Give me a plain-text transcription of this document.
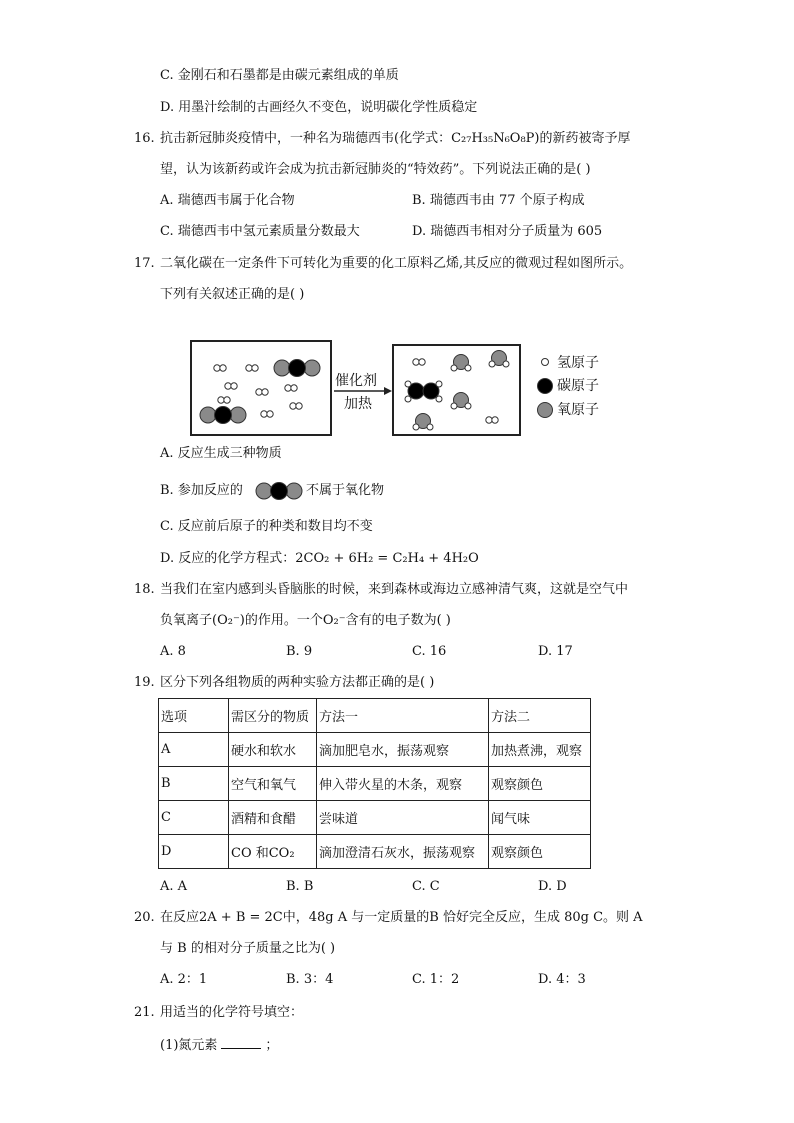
C. 金刚石和石墨都是由碳元素组成的单质
D. 用墨汁绘制的古画经久不变色，说明碳化学性质稳定
16. 抗击新冠肺炎疫情中，一种名为瑞德西韦(化学式：C₂₇H₃₅N₆O₈P)的新药被寄予厚
望，认为该新药或许会成为抗击新冠肺炎的“特效药”。下列说法正确的是( )
A. 瑞德西韦属于化合物	B. 瑞德西韦由 77 个原子构成
C. 瑞德西韦中氢元素质量分数最大	D. 瑞德西韦相对分子质量为 605
17. 二氧化碳在一定条件下可转化为重要的化工原料乙烯,其反应的微观过程如图所示。
下列有关叙述正确的是( )
催化剂
加热
氢原子
碳原子
氧原子
A. 反应生成三种物质
B. 参加反应的	不属于氧化物
C. 反应前后原子的种类和数目均不变
D. 反应的化学方程式：2CO₂ + 6H₂ = C₂H₄ + 4H₂O
18. 当我们在室内感到头昏脑胀的时候，来到森林或海边立感神清气爽，这就是空气中
负氧离子(O₂⁻)的作用。一个O₂⁻含有的电子数为( )
A. 8	B. 9	C. 16	D. 17
19. 区分下列各组物质的两种实验方法都正确的是( )
选项	需区分的物质	方法一	方法二
A	硬水和软水	滴加肥皂水，振荡观察	加热煮沸，观察
B	空气和氧气	伸入带火星的木条，观察	观察颜色
C	酒精和食醋	尝味道	闻气味
D	CO 和CO₂	滴加澄清石灰水，振荡观察	观察颜色
A. A	B. B	C. C	D. D
20. 在反应2A + B = 2C中，48g A 与一定质量的B 恰好完全反应，生成 80g C。则 A
与 B 的相对分子质量之比为( )
A. 2：1	B. 3：4	C. 1：2	D. 4：3
21. 用适当的化学符号填空：
(1)氮元素	；
